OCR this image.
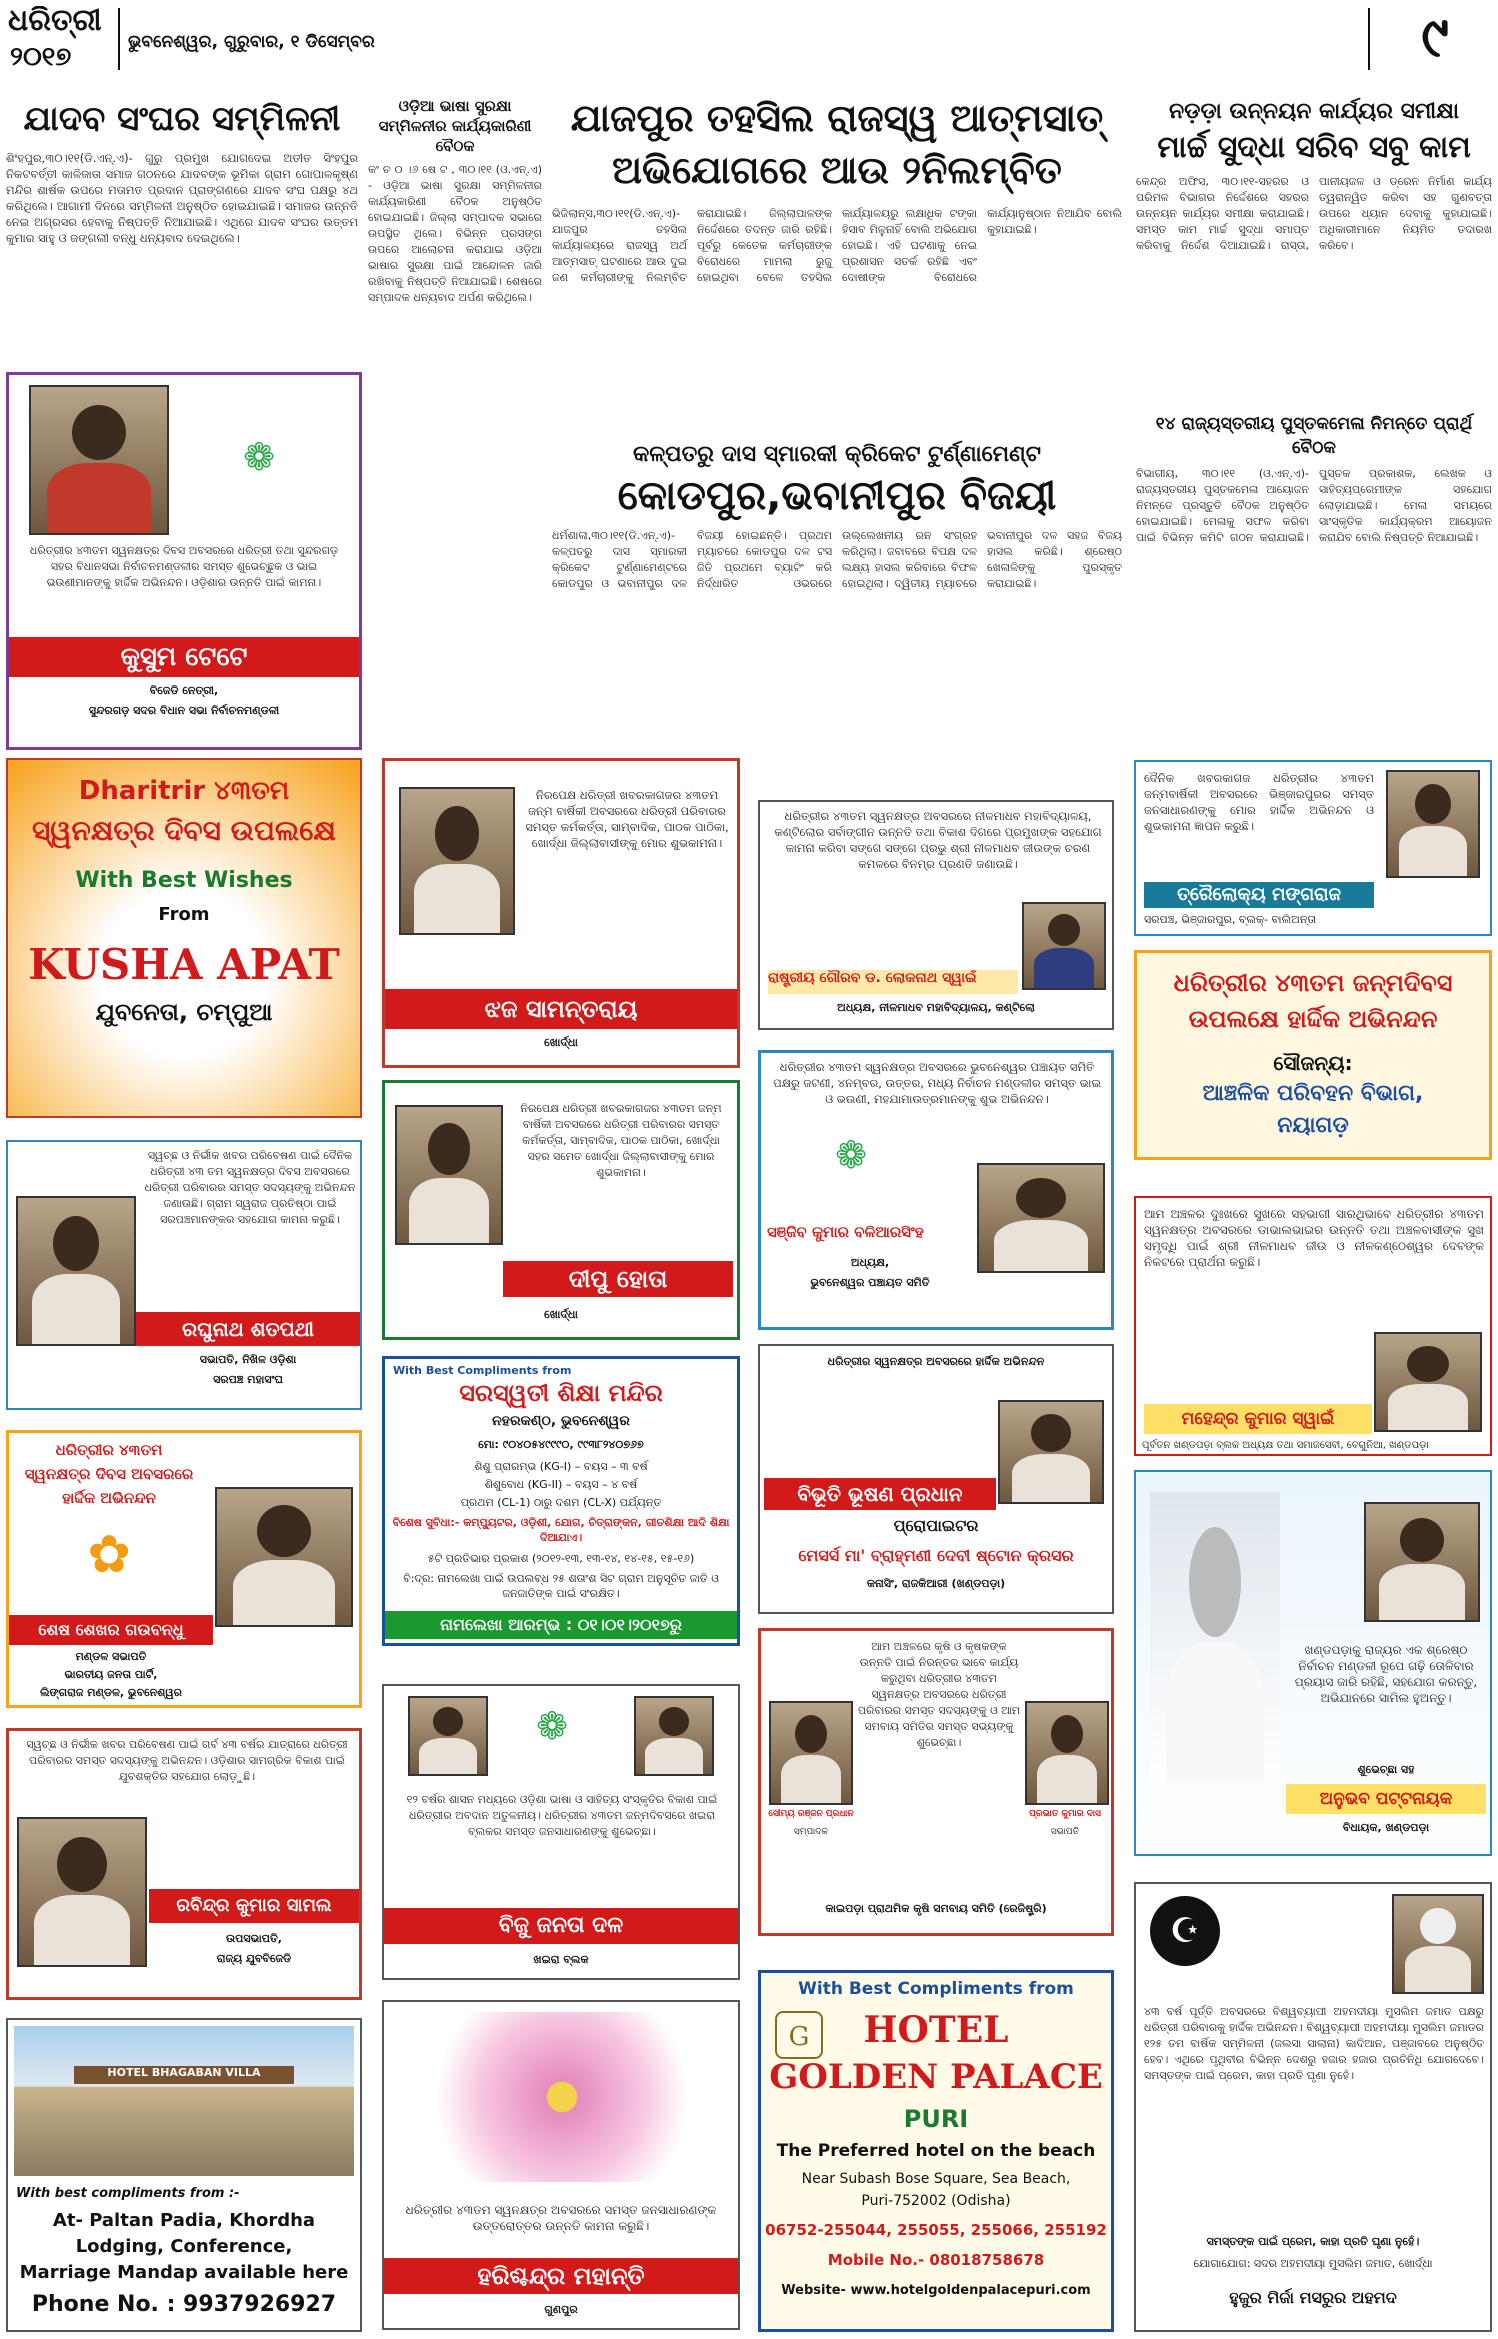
ଧରିତ୍ରୀ
୨୦୧୭	ଭୁବନେଶ୍ୱର, ଗୁରୁବାର, ୧ ଡିସେମ୍ବର	୯
ଯାଦବ ସଂଘର ସମ୍ମିଳନୀ
ଶିଂହପୁର,୩୦।୧୧(ଡି.ଏନ୍.ଏ)- ଗୁରୁ ପ୍ରମୁଖ ଯୋଗଦେଇ ଅତୀତ ସିଂହପୁର ନିକଟବର୍ତ୍ତୀ କାଳିଜାତା ସମାଜ ଗଠନରେ ଯାଦବଙ୍କ ଭୂମିକା ଗ୍ରାମ ଗୋପାଳକୃଷ୍ଣ ମନ୍ଦିର ଶାର୍ଷକ ଉପରେ ମତାମତ ପ୍ରଦାନ ପ୍ରାଙ୍ଗଣରେ ଯାଦବ ସଂଘ ପକ୍ଷରୁ ୪ଥ କରିଥିଲେ। ଆଗାମୀ ଦିନରେ ସମ୍ମିଳନୀ ଅନୁଷ୍ଠିତ ହୋଇଯାଇଛି। ସମାଜର ଉନ୍ନତି ନେଇ ଅଗ୍ରସର ହେବାକୁ ନିଷ୍ପତ୍ତି ନିଆଯାଇଛି। ଏଥିରେ ଯାଦବ ସଂଘର ଉତ୍ତମ କୁମାର ସାହୁ ଓ ଜଙ୍ଗଲୀ ବନ୍ଧୁ ଧନ୍ୟବାଦ ଦେଇଥିଲେ।
ଓଡ଼ିଆ ଭାଷା ସୁରକ୍ଷା ସମ୍ମିଳନୀର କାର୍ଯ୍ୟକାରିଣୀ ବୈଠକ
କଂ ଚ ୦ ।୬ ଷେ ଟ , ୩୦।୧୧ (ଓ.ଏନ୍.ଏ) - ଓଡ଼ିଆ ଭାଷା ସୁରକ୍ଷା ସମ୍ମିଳନୀର କାର୍ଯ୍ୟକାରିଣୀ ବୈଠକ ଅନୁଷ୍ଠିତ ହୋଇଯାଇଛି। ଜିଲ୍ଲା ସମ୍ପାଦକ ସଭାରେ ଉପସ୍ଥିତ ଥିଲେ। ବିଭିନ୍ନ ପ୍ରସଙ୍ଗ ଉପରେ ଆଲୋଚନା କରାଯାଇ ଓଡ଼ିଆ ଭାଷାର ସୁରକ୍ଷା ପାଇଁ ଆନ୍ଦୋଳନ ଜାରି ରଖିବାକୁ ନିଷ୍ପତ୍ତି ନିଆଯାଇଛି। ଶେଷରେ ସମ୍ପାଦକ ଧନ୍ୟବାଦ ଅର୍ପଣ କରିଥିଲେ।
ଯାଜପୁର ତହସିଲ ରାଜସ୍ୱ ଆତ୍ମସାତ୍
ଅଭିଯୋଗରେ ଆଉ ୨ନିଲମ୍ବିତ
ଭିଜିଲାନ୍ସ,୩୦।୧୧(ଡି.ଏନ୍.ଏ)- ଯାଜପୁର ତହସିଲ କାର୍ଯ୍ୟାଳୟରେ ରାଜସ୍ୱ ଅର୍ଥ ଆତ୍ମସାତ୍ ଘଟଣାରେ ଆଉ ଦୁଇ ଜଣ କର୍ମଚାରୀଙ୍କୁ ନିଲମ୍ବିତ କରାଯାଇଛି। ଜିଲ୍ଲାପାଳଙ୍କ ନିର୍ଦ୍ଦେଶରେ ତଦନ୍ତ ଜାରି ରହିଛି। ପୂର୍ବରୁ କେତେକ କର୍ମଚାରୀଙ୍କ ବିରୋଧରେ ମାମଲା ରୁଜୁ ହୋଇଥିବା ବେଳେ ତହସିଲ କାର୍ଯ୍ୟାଳୟରୁ ଲକ୍ଷାଧିକ ଟଙ୍କା ହିସାବ ମିଳୁନାହିଁ ବୋଲି ଅଭିଯୋଗ ହୋଇଛି। ଏହି ଘଟଣାକୁ ନେଇ ପ୍ରଶାସନ ସତର୍କ ରହିଛି ଏବଂ ଦୋଷୀଙ୍କ ବିରୋଧରେ କାର୍ଯ୍ୟାନୁଷ୍ଠାନ ନିଆଯିବ ବୋଲି କୁହାଯାଇଛି।
ନଡ଼ଡ଼ା ଉନ୍ନୟନ କାର୍ଯ୍ୟର ସମୀକ୍ଷା
ମାର୍ଚ୍ଚ ସୁଦ୍ଧା ସରିବ ସବୁ କାମ
କେନ୍ଦ୍ର ଅଫିସ, ୩୦।୧୧-ସହରର ଓ ପରିମଳ ବିଭାଗର ନିର୍ଦ୍ଦେଶରେ ସହରର ଉନ୍ନୟନ କାର୍ଯ୍ୟର ସମୀକ୍ଷା କରାଯାଇଛି। ସମସ୍ତ କାମ ମାର୍ଚ୍ଚ ସୁଦ୍ଧା ସମାପ୍ତ କରିବାକୁ ନିର୍ଦ୍ଦେଶ ଦିଆଯାଇଛି। ରାସ୍ତା, ପାନୀୟଜଳ ଓ ଡ୍ରେନ ନିର୍ମାଣ କାର୍ଯ୍ୟ ତ୍ୱରାନ୍ୱିତ କରିବା ସହ ଗୁଣବତ୍ତା ଉପରେ ଧ୍ୟାନ ଦେବାକୁ କୁହାଯାଇଛି। ଅଧିକାରୀମାନେ ନିୟମିତ ତଦାରଖ କରିବେ।
୧୪ ରାଜ୍ୟସ୍ତରୀୟ ପୁସ୍ତକମେଳା ନିମନ୍ତେ ପ୍ରାର୍ଥି ବୈଠକ
ବିଭାଗୀୟ, ୩୦।୧୧ (ଓ.ଏନ୍.ଏ)- ରାଜ୍ୟସ୍ତରୀୟ ପୁସ୍ତକମେଳା ଆୟୋଜନ ନିମନ୍ତେ ପ୍ରସ୍ତୁତି ବୈଠକ ଅନୁଷ୍ଠିତ ହୋଇଯାଇଛି। ମେଳାକୁ ସଫଳ କରିବା ପାଇଁ ବିଭିନ୍ନ କମିଟି ଗଠନ କରାଯାଇଛି। ପୁସ୍ତକ ପ୍ରକାଶକ, ଲେଖକ ଓ ସାହିତ୍ୟପ୍ରେମୀଙ୍କ ସହଯୋଗ ଲୋଡ଼ାଯାଇଛି। ମେଳା ସମୟରେ ସାଂସ୍କୃତିକ କାର୍ଯ୍ୟକ୍ରମ ଆୟୋଜନ କରାଯିବ ବୋଲି ନିଷ୍ପତ୍ତି ନିଆଯାଇଛି।
କଳ୍ପତରୁ ଦାସ ସ୍ମାରକୀ କ୍ରିକେଟ ଟୁର୍ଣ୍ଣାମେଣ୍ଟ
କୋଡପୁର,ଭବାନୀପୁର ବିଜୟୀ
ଧର୍ମଶାଳା,୩୦।୧୧(ଡି.ଏନ୍.ଏ)- କଳ୍ପତରୁ ଦାସ ସ୍ମାରକୀ କ୍ରିକେଟ ଟୁର୍ଣ୍ଣାମେଣ୍ଟରେ କୋଡପୁର ଓ ଭବାନୀପୁର ଦଳ ବିଜୟୀ ହୋଇଛନ୍ତି। ପ୍ରଥମ ମ୍ୟାଚରେ କୋଡପୁର ଦଳ ଟସ ଜିତି ପ୍ରଥମେ ବ୍ୟାଟିଂ କରି ନିର୍ଦ୍ଧାରିତ ଓଭରରେ ଉଲ୍ଲେଖନୀୟ ରନ ସଂଗ୍ରହ କରିଥିଲା। ଜବାବରେ ବିପକ୍ଷ ଦଳ ଲକ୍ଷ୍ୟ ହାସଲ କରିବାରେ ବିଫଳ ହୋଇଥିଲା। ଦ୍ୱିତୀୟ ମ୍ୟାଚରେ ଭବାନୀପୁର ଦଳ ସହଜ ବିଜୟ ହାସଲ କରିଛି। ଶ୍ରେଷ୍ଠ ଖେଳାଳିଙ୍କୁ ପୁରସ୍କୃତ କରାଯାଇଛି।
❁
ଧରିତ୍ରୀର ୪୩ତମ ସ୍ୱନକ୍ଷତ୍ର ଦିବସ ଅବସରରେ ଧରିତ୍ରୀ ତଥା ସୁନ୍ଦରଗଡ଼ ସହର ବିଧାନସଭା ନିର୍ବାଚନମଣ୍ଡଳୀର ସମସ୍ତ ଶୁଭେଚ୍ଛୁକ ଓ ଭାଇ ଭଉଣୀମାନଙ୍କୁ ହାର୍ଦ୍ଦିକ ଅଭିନନ୍ଦନ। ଓଡ଼ିଶାର ଉନ୍ନତି ପାଇଁ କାମନା।
କୁସୁମ ଟେଟେ
ବିଜେଡି ନେତ୍ରୀ,
ସୁନ୍ଦରଗଡ଼ ସଦର ବିଧାନ ସଭା ନିର୍ବାଚନମଣ୍ଡଳୀ
Dharitrir ୪୩ତମ
ସ୍ୱନକ୍ଷତ୍ର ଦିବସ ଉପଲକ୍ଷେ
With Best Wishes
From
KUSHA APAT
ଯୁବନେତା, ଚମ୍ପୁଆ
ନିରପେକ୍ଷ ଧରିତ୍ରୀ ଖବରକାଗଜର ୪୩ତମ ଜନ୍ମ ବାର୍ଷିକୀ ଅବସରରେ ଧରିତ୍ରୀ ପରିବାରର ସମସ୍ତ କର୍ମକର୍ତ୍ତା, ସାମ୍ବାଦିକ, ପାଠକ ପାଠିକା, ଖୋର୍ଦ୍ଧା ଜିଲ୍ଲାବାସୀଙ୍କୁ ମୋର ଶୁଭକାମନା।
ଝଜ ସାମନ୍ତରାୟ
ଖୋର୍ଦ୍ଧା
ଧରିତ୍ରୀର ୪୩ତମ ସ୍ୱନକ୍ଷତ୍ର ଅବସରରେ ନୀଳମାଧବ ମହାବିଦ୍ୟାଳୟ, କଣ୍ଟିଲୋର ସର୍ବାଙ୍ଗୀନ ଉନ୍ନତି ତଥା ବିକାଶ ଦିଗରେ ପ୍ରମୁଖଙ୍କ ସହଯୋଗ କାମନା କରିବା ସଙ୍ଗେ ସଙ୍ଗେ ପ୍ରଭୁ ଶ୍ରୀ ନୀଳମାଧବ ଜୀଉଙ୍କ ଚରଣ କମଳରେ ବିନମ୍ର ପ୍ରଣତି ଜଣାଉଛି।
ରାଷ୍ଟ୍ରୀୟ ଗୌରବ ଡ. ଲୋକନାଥ ସ୍ୱାଇଁ
ଅଧ୍ୟକ୍ଷ, ନୀଳମାଧବ ମହାବିଦ୍ୟାଳୟ, କଣ୍ଟିଲୋ
ଦୈନିକ ଖବରକାଗଜ ଧରିତ୍ରୀର ୪୩ତମ ଜନ୍ମବାର୍ଷିକୀ ଅବସରରେ ଭିଞ୍ଜାରପୁରର ସମସ୍ତ ଜନସାଧାରଣଙ୍କୁ ମୋର ହାର୍ଦ୍ଦିକ ଅଭିନନ୍ଦନ ଓ ଶୁଭକାମନା ଜ୍ଞାପନ କରୁଛି।
ତ୍ରୈଲୋକ୍ୟ ମଙ୍ଗରାଜ
ସରପଞ୍ଚ, ଭିଞ୍ଜାରପୁର, ବ୍ଲକ୍- ବାଲିଅନ୍ତା
ଧରିତ୍ରୀର ୪୩ତମ ଜନ୍ମଦିବସ
ଉପଲକ୍ଷେ ହାର୍ଦ୍ଦିକ ଅଭିନନ୍ଦନ
ସୌଜନ୍ୟ:
ଆଞ୍ଚଳିକ ପରିବହନ ବିଭାଗ,
ନୟାଗଡ଼
ସ୍ୱଚ୍ଛ ଓ ନିର୍ଭୀକ ଖବର ପରିବେଷଣ ପାଇଁ ଦୈନିକ ଧରିତ୍ରୀ ୪୩ ତମ ସ୍ୱନକ୍ଷତ୍ର ଦିବସ ଅବସରରେ ଧରିତ୍ରୀ ପରିବାରର ସମସ୍ତ ସଦସ୍ୟଙ୍କୁ ଅଭିନନ୍ଦନ ଜଣାଉଛି। ଗ୍ରାମ ସ୍ୱରାଜ ପ୍ରତିଷ୍ଠା ପାଇଁ ସରପଞ୍ଚମାନଙ୍କର ସହଯୋଗ କାମନା କରୁଛି।
ରଘୁନାଥ ଶତପଥୀ
ସଭାପତି, ନିଖିଳ ଓଡ଼ିଶା
ସରପଞ୍ଚ ମହାସଂଘ
ନିରପେକ୍ଷ ଧରିତ୍ରୀ ଖବରକାଗଜର ୪୩ତମ ଜନ୍ମ ବାର୍ଷିକୀ ଅବସରରେ ଧରିତ୍ରୀ ପରିବାରର ସମସ୍ତ କର୍ମକର୍ତ୍ତା, ସାମ୍ବାଦିକ, ପାଠକ ପାଠିକା, ଖୋର୍ଦ୍ଧା ସହର ସମେତ ଖୋର୍ଦ୍ଧା ଜିଲ୍ଲାବାସୀଙ୍କୁ ମୋର ଶୁଭକାମନା।
ଦୀପୁ ହୋତା
ଖୋର୍ଦ୍ଧା
ଧରିତ୍ରୀର ୪୩ତମ ସ୍ୱନକ୍ଷତ୍ର ଅବସରରେ ଭୁବନେଶ୍ୱର ପଞ୍ଚାୟତ ସମିତି ପକ୍ଷରୁ ଜଟଣୀ, ୪ନମ୍ବର, ଉତ୍ତର, ମଧ୍ୟ ନିର୍ବାଚନ ମଣ୍ଡଳୀର ସମସ୍ତ ଭାଇ ଓ ଭଉଣୀ, ମହଯାମାଉତ୍ରମାନଙ୍କୁ ଶୁଭ ଅଭିନନ୍ଦନ।
❁
ସଞ୍ଜିବ କୁମାର ବଳିଆରସିଂହ
ଅଧ୍ୟକ୍ଷ,
ଭୁବନେଶ୍ୱର ପଞ୍ଚାୟତ ସମିତି
ଆମ ଅଞ୍ଚଳର ଦୁଃଖରେ ସୁଖରେ ସହଭାଗୀ ସାରଥିଭାବେ ଧରିତ୍ରୀର ୪୩ତମ ସ୍ୱନକ୍ଷତ୍ର ଅବସରରେ ଡାଭାଲଭାଇର ଉନ୍ନତି ତଥା ଅଞ୍ଚଳବାସୀଙ୍କ ସୁଖ ସମୃଦ୍ଧି ପାଇଁ ଶ୍ରୀ ନୀଳମାଧବ ଜୀଉ ଓ ନୀଳକଣ୍ଠେଶ୍ୱର ଦେବଙ୍କ ନିକଟରେ ପ୍ରାର୍ଥନା କରୁଛି।
ମହେନ୍ଦ୍ର କୁମାର ସ୍ୱାଇଁ
ପୂର୍ବତନ ଖଣ୍ଡପଡ଼ା ବ୍ଲକ ଅଧ୍ୟକ୍ଷ ତଥା ସମାଜସେବୀ, ବେଗୁନିଆ, ଖଣ୍ଡପଡ଼ା
ଧରିତ୍ରୀର ୪୩ତମ
ସ୍ୱନକ୍ଷତ୍ର ଦିବସ ଅବସରରେ
ହାର୍ଦ୍ଦିକ ଅଭିନନ୍ଦନ
✿
ଶେଷ ଶେଖର ଗଉବନ୍ଧୁ
ମଣ୍ଡଳ ସଭାପତି
ଭାରତୀୟ ଜନତା ପାର୍ଟି,
ଲିଙ୍ଗରାଜ ମଣ୍ଡଳ, ଭୁବନେଶ୍ୱର
With Best Compliments from
ସରସ୍ୱତୀ ଶିକ୍ଷା ମନ୍ଦିର
ନହରକଣ୍ଠ, ଭୁବନେଶ୍ୱର
ମୋ: ୯୦୪୦୫୪୯୯୯୦, ୯୯୩୮୨୪୦୭୬୭
ଶିଶୁ ପ୍ରାରମ୍ଭ (KG-I) – ବୟସ – ୩ ବର୍ଷ
ଶିଶୁବୋଧ (KG-II) – ବୟସ – ୪ ବର୍ଷ
ପ୍ରଥମ (CL-1) ଠାରୁ ଦଶମ (CL-X) ପର୍ଯ୍ୟନ୍ତ
ବିଶେଷ ସୁବିଧା:- କମ୍ପ୍ୟୁଟର, ଓଡ଼ିଶୀ, ଯୋଗ, ଚିତ୍ରାଙ୍କନ, ଗୀତଶିକ୍ଷା ଆଦି ଶିକ୍ଷା ଦିଆଯାଏ।
୫ଟି ପ୍ରତିଭାର ପ୍ରକାଶ (୨୦୧୨-୧୩, ୧୩-୧୪, ୧୪-୧୫, ୧୫-୧୬)
ବି:ଦ୍ର: ନାମଲେଖା ପାଇଁ ଉପଲବ୍ଧ ୨୫ ଶତାଂଶ ସିଟ ଗ୍ରାମ ଅନୁସୂଚିତ ଜାତି ଓ ଜନଜାତିଙ୍କ ପାଇଁ ସଂରକ୍ଷିତ।
ନାମଲେଖା ଆରମ୍ଭ : ୦୧।୦୧।୨୦୧୭ରୁ
ଧରିତ୍ରୀର ସ୍ୱନକ୍ଷତ୍ର ଅବସରରେ ହାର୍ଦ୍ଦିକ ଅଭିନନ୍ଦନ
ବିଭୂତି ଭୂଷଣ ପ୍ରଧାନ
ପ୍ରୋପାଇଟର
ମେସର୍ସ ମା' ବ୍ରାହ୍ମଣୀ ଦେବୀ ଷ୍ଟୋନ କ୍ରସର
କନାସିଂ, ରାଜକିଆରୀ (ଖଣ୍ଡପଡ଼ା)
ଖଣ୍ଡପଡ଼ାକୁ ରାଜ୍ୟର ଏକ ଶ୍ରେଷ୍ଠ ନିର୍ବାଚନ ମଣ୍ଡଳୀ ରୂପେ ଗଢ଼ି ତୋଳିବାର ପ୍ରୟାସ ଜାରି ରହିଛି, ସହଯୋଗ କରନ୍ତୁ, ଅଭିଯାନରେ ସାମିଲ ହୁଅନ୍ତୁ।
ଶୁଭେଚ୍ଛା ସହ
ଅନୁଭବ ପଟ୍ଟନାୟକ
ବିଧାୟକ, ଖଣ୍ଡପଡ଼ା
ସ୍ୱଚ୍ଛ ଓ ନିର୍ଭୀକ ଖବର ପରିବେଷଣ ପାଇଁ ଗର୍ବ ୪୩ ବର୍ଷର ଯାତ୍ରାରେ ଧରିତ୍ରୀ ପରିବାରର ସମସ୍ତ ସଦସ୍ୟଙ୍କୁ ଅଭିନନ୍ଦନ। ଓଡ଼ିଶାର ସାମଗ୍ରିକ ବିକାଶ ପାଇଁ ଯୁବଶକ୍ତିର ସହଯୋଗ ଲୋଡ଼ୁଛି।
ରବିନ୍ଦ୍ର କୁମାର ସାମଲ
ଉପସଭାପତି,
ରାଜ୍ୟ ଯୁବବିଜେଡି
❁
୧୨ ବର୍ଷର ଶାସନ ମଧ୍ୟରେ ଓଡ଼ିଶା ଭାଷା ଓ ସାହିତ୍ୟ ସଂସ୍କୃତିର ବିକାଶ ପାଇଁ ଧରିତ୍ରୀର ଅବଦାନ ଅତୁଳନୀୟ। ଧରିତ୍ରୀର ୪୩ତମ ଜନ୍ମଦିବସରେ ଖଇରା ବ୍ଲକର ସମସ୍ତ ଜନସାଧାରଣଙ୍କୁ ଶୁଭେଚ୍ଛା।
ବିଜୁ ଜନତା ଦଳ
ଖଇରା ବ୍ଲକ
ଆମ ଅଞ୍ଚଳରେ କୃଷି ଓ କୃଷକଙ୍କ ଉନ୍ନତି ପାଇଁ ନିରନ୍ତର ଭାବେ କାର୍ଯ୍ୟ କରୁଥିବା ଧରିତ୍ରୀର ୪୩ତମ ସ୍ୱନକ୍ଷତ୍ର ଅବସରରେ ଧରିତ୍ରୀ ପରିବାରର ସମସ୍ତ ସଦସ୍ୟଙ୍କୁ ଓ ଆମ ସମବାୟ ସମିତିର ସମସ୍ତ ସଭ୍ୟଙ୍କୁ ଶୁଭେଚ୍ଛା।
ସୌମ୍ୟ ରଞ୍ଜନ ପ୍ରଧାନ
ସମ୍ପାଦକ
ପ୍ରଭାତ କୁମାର ଦାସ
ସଭାପତି
କାଇପଡ଼ା ପ୍ରାଥମିକ କୃଷି ସମବାୟ ସମିତି (ରେଜିଷ୍ଟ୍ରି)
☪
୪୩ ବର୍ଷ ପୂର୍ତ୍ତି ଅବସରରେ ବିଶ୍ୱବ୍ୟାପୀ ଅହମଦୀୟା ମୁସଲିମ ଜମାତ ପକ୍ଷରୁ ଧରିତ୍ରୀ ପରିବାରକୁ ହାର୍ଦ୍ଦିକ ଅଭିନନ୍ଦନ। ବିଶ୍ୱବ୍ୟାପୀ ଅହମଦୀୟା ମୁସଲିମ ଜମାତର ୧୨୫ ତମ ବାର୍ଷିକ ସମ୍ମିଳନୀ (ଜଲସା ସାଲାନା) କାଦିଆନ, ପଞ୍ଜାବରେ ଅନୁଷ୍ଠିତ ହେବ। ଏଥିରେ ପୃଥିବୀର ବିଭିନ୍ନ ଦେଶରୁ ହଜାର ହଜାର ପ୍ରତିନିଧି ଯୋଗଦେବେ। ସମସ୍ତଙ୍କ ପାଇଁ ପ୍ରେମ, କାହା ପ୍ରତି ଘୃଣା ନୁହେଁ।
ସମସ୍ତଙ୍କ ପାଇଁ ପ୍ରେମ, କାହା ପ୍ରତି ଘୃଣା ନୁହେଁ।
ଯୋଗାଯୋଗ: ସଦର ଅହମଦୀୟା ମୁସଲିମ ଜମାତ, ଖୋର୍ଦ୍ଧା
ହୁଜୁର ମିର୍ଜା ମସରୁର ଅହମଦ
HOTEL BHAGABAN VILLA
With best compliments from :-
At- Paltan Padia, Khordha
Lodging, Conference,
Marriage Mandap available here
Phone No. : 9937926927
ଧରିତ୍ରୀର ୪୩ତମ ସ୍ୱନକ୍ଷତ୍ର ଅବସରରେ ସମସ୍ତ ଜନସାଧାରଣଙ୍କ ଉତ୍ତରୋତ୍ତର ଉନ୍ନତି କାମନା କରୁଛି।
ହରିଶ୍ଚନ୍ଦ୍ର ମହାନ୍ତି
ଗୁଣପୁର
With Best Compliments from
G	HOTEL
GOLDEN PALACE
PURI
The Preferred hotel on the beach
Near Subash Bose Square, Sea Beach,
Puri-752002 (Odisha)
06752-255044, 255055, 255066, 255192
Mobile No.- 08018758678
Website- www.hotelgoldenpalacepuri.com
